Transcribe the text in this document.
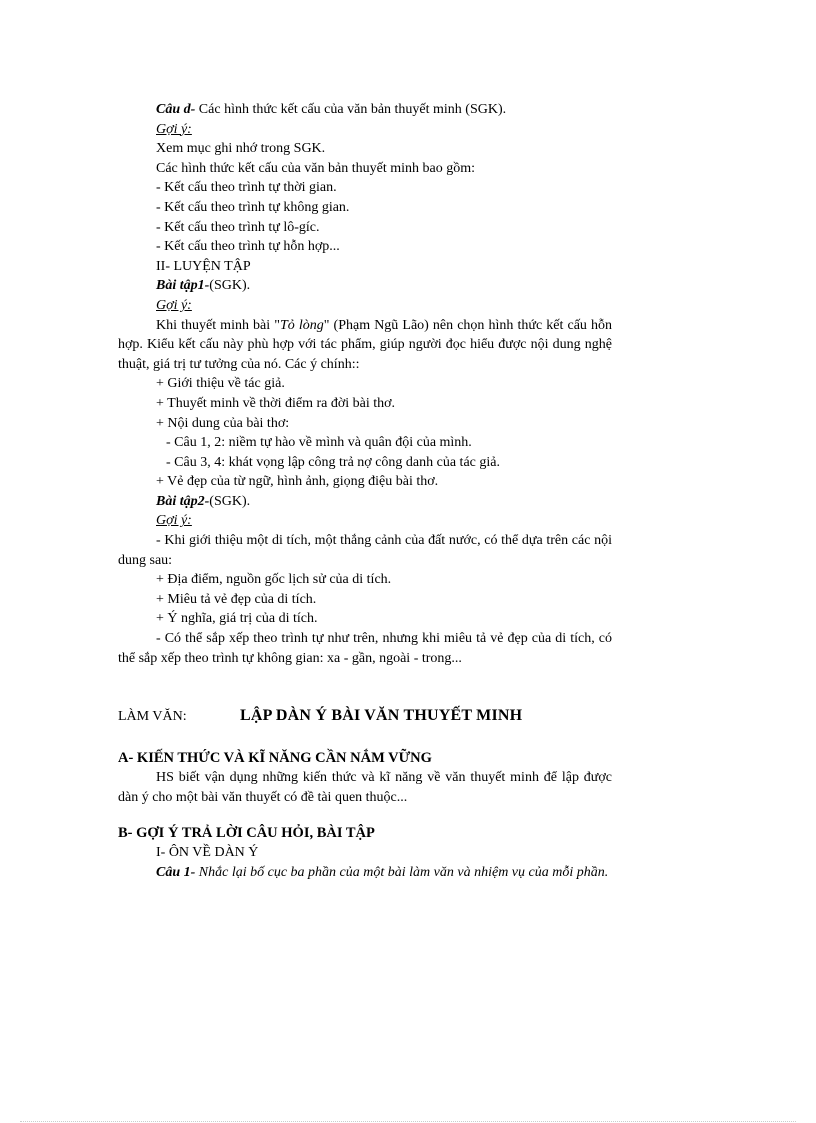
Câu d- Các hình thức kết cấu của văn bản thuyết minh (SGK).
Gợi ý:
Xem mục ghi nhớ trong SGK.
Các hình thức kết cấu của văn bản thuyết minh bao gồm:
- Kết cấu theo trình tự thời gian.
- Kết cấu theo trình tự không gian.
- Kết cấu theo trình tự lô-gíc.
- Kết cấu theo trình tự hỗn hợp...
II- LUYỆN TẬP
Bài tập1-(SGK).
Gợi ý:
Khi thuyết minh bài "Tỏ lòng" (Phạm Ngũ Lão) nên chọn hình thức kết cấu hỗn hợp. Kiểu kết cấu này phù hợp với tác phẩm, giúp người đọc hiểu được nội dung nghệ thuật, giá trị tư tưởng của nó. Các ý chính::
+ Giới thiệu về tác giả.
+ Thuyết minh về thời điểm ra đời bài thơ.
+ Nội dung của bài thơ:
- Câu 1, 2: niềm tự hào về mình và quân đội của mình.
- Câu 3, 4: khát vọng lập công trả nợ công danh của tác giả.
+ Vẻ đẹp của từ ngữ, hình ảnh, giọng điệu bài thơ.
Bài tập2-(SGK).
Gợi ý:
- Khi giới thiệu một di tích, một thắng cảnh của đất nước, có thể dựa trên các nội dung sau:
+ Địa điểm, nguồn gốc lịch sử của di tích.
+ Miêu tả vẻ đẹp của di tích.
+ Ý nghĩa, giá trị của di tích.
- Có thể sắp xếp theo trình tự như trên, nhưng khi miêu tả vẻ đẹp của di tích, có thể sắp xếp theo trình tự không gian: xa - gần, ngoài - trong...
LÀM VĂN:	LẬP DÀN Ý BÀI VĂN THUYẾT MINH
A- KIẾN THỨC VÀ KĨ NĂNG CẦN NẮM VỮNG
HS biết vận dụng những kiến thức và kĩ năng về văn thuyết minh để lập được dàn ý cho một bài văn thuyết có đề tài quen thuộc...
B- GỢI Ý TRẢ LỜI CÂU HỎI, BÀI TẬP
I- ÔN VỀ DÀN Ý
Câu 1- Nhắc lại bố cục ba phần của một bài làm văn và nhiệm vụ của mỗi phần.
